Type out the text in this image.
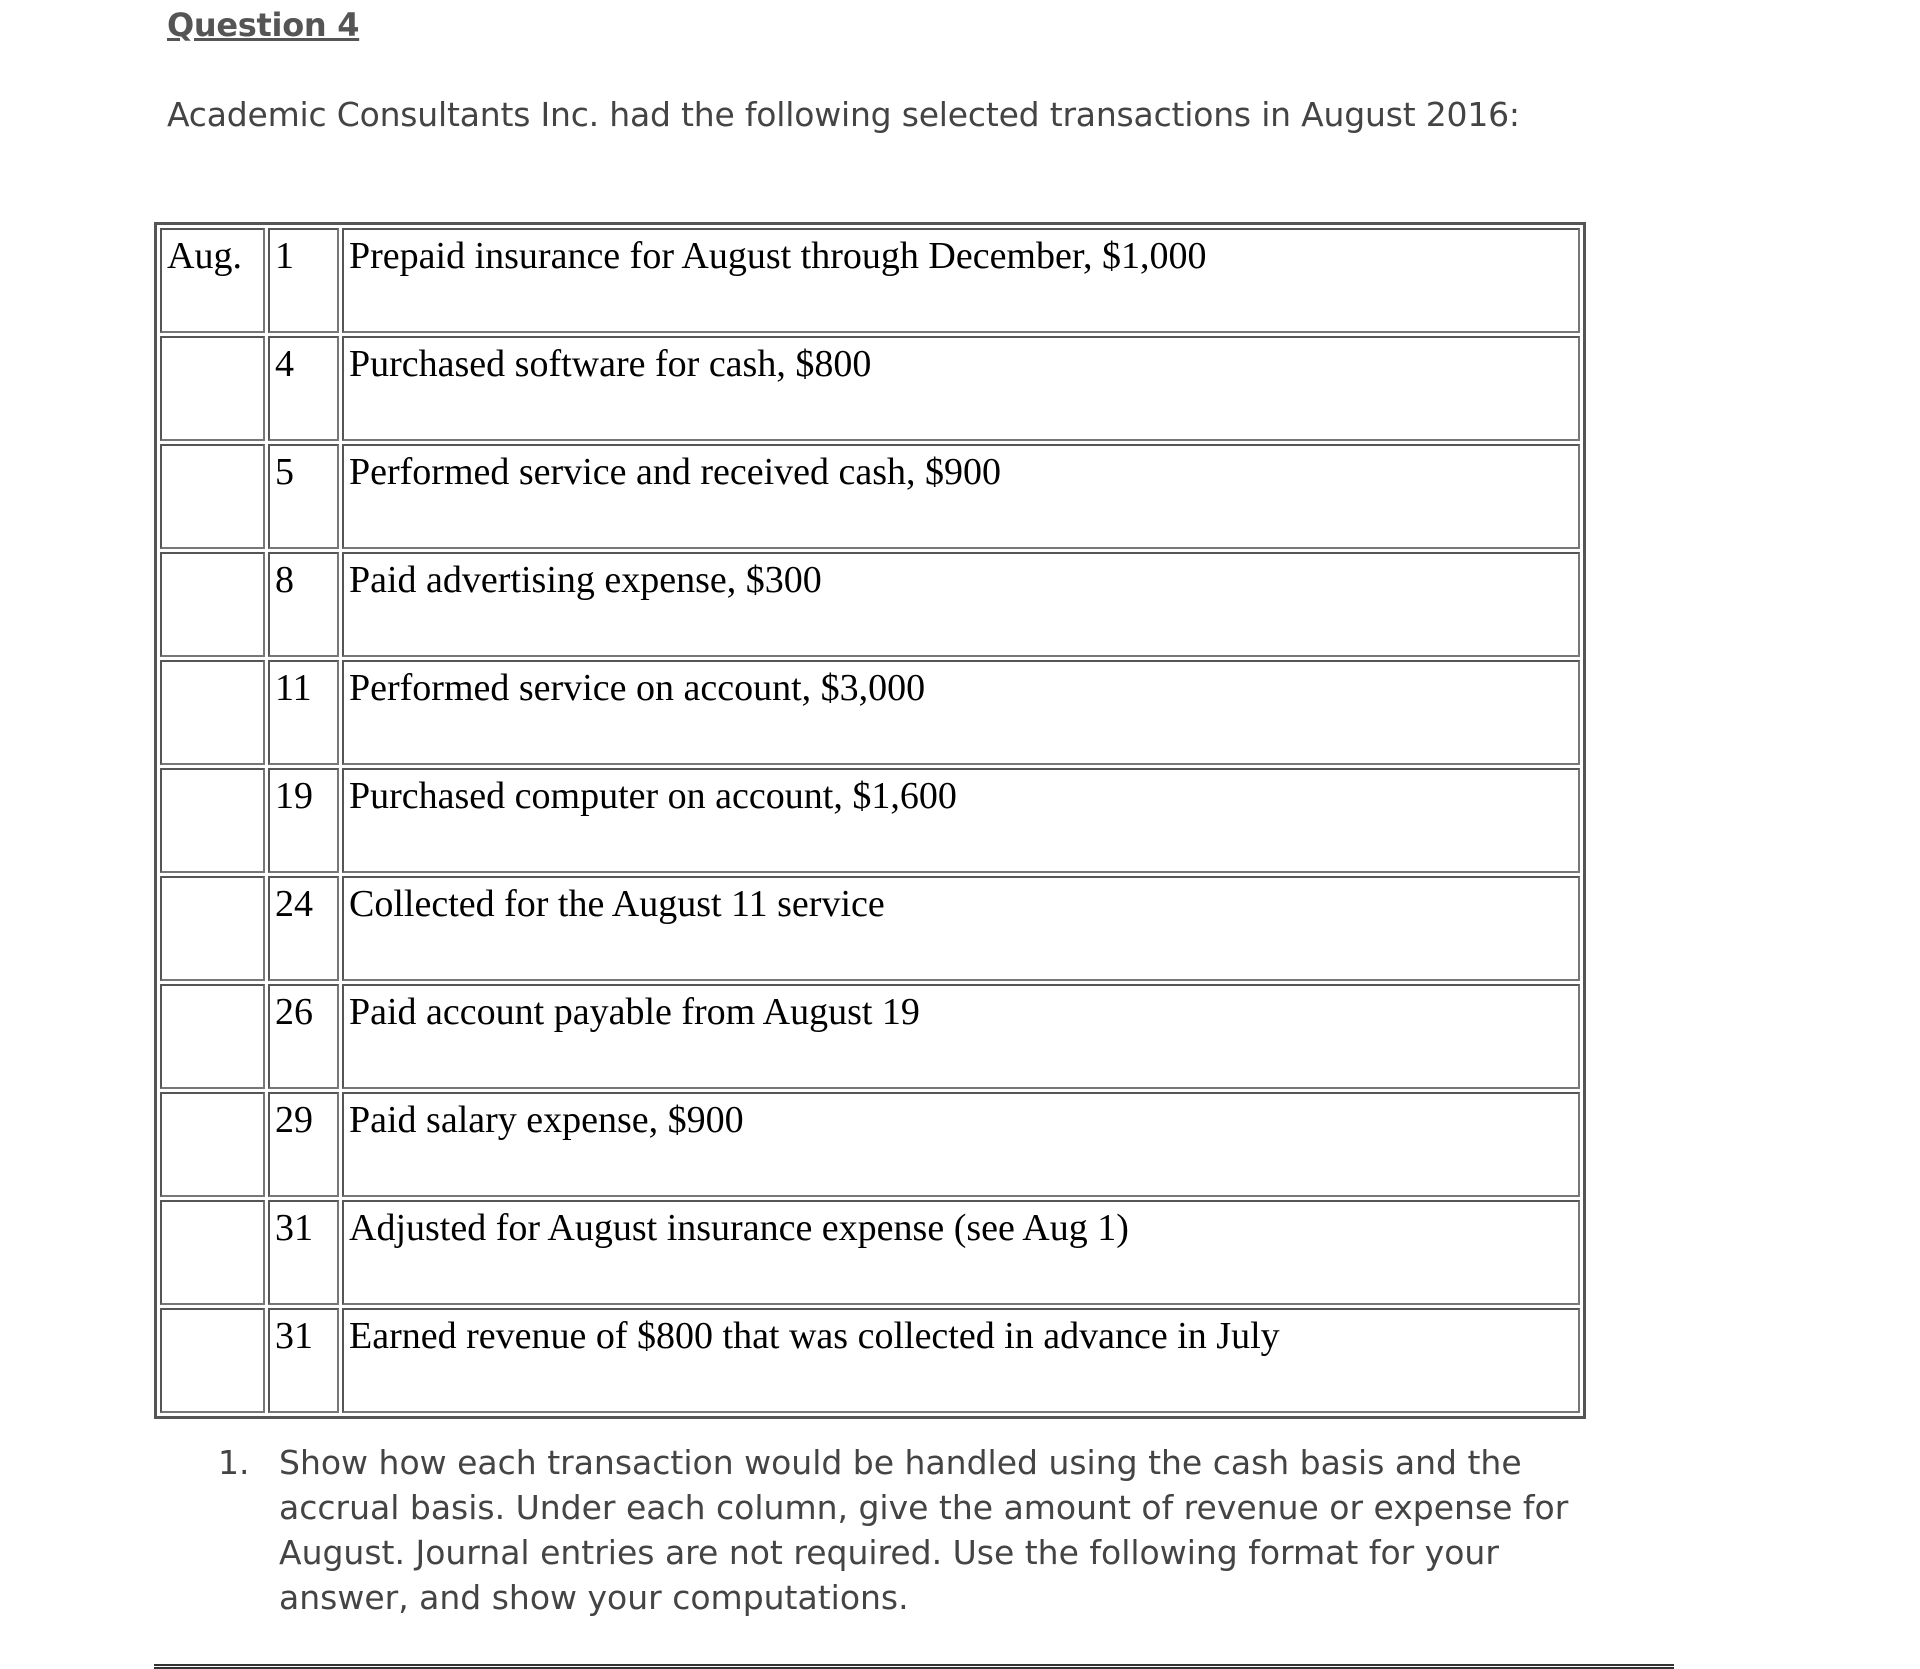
Question 4

Academic Consultants Inc. had the following selected transactions in August 2016:

Aug.	1	Prepaid insurance for August through December, $1,000
	4	Purchased software for cash, $800
	5	Performed service and received cash, $900
	8	Paid advertising expense, $300
	11	Performed service on account, $3,000
	19	Purchased computer on account, $1,600
	24	Collected for the August 11 service
	26	Paid account payable from August 19
	29	Paid salary expense, $900
	31	Adjusted for August insurance expense (see Aug 1)
	31	Earned revenue of $800 that was collected in advance in July
1. Show how each transaction would be handled using the cash basis and the accrual basis. Under each column, give the amount of revenue or expense for August. Journal entries are not required. Use the following format for your answer, and show your computations.
